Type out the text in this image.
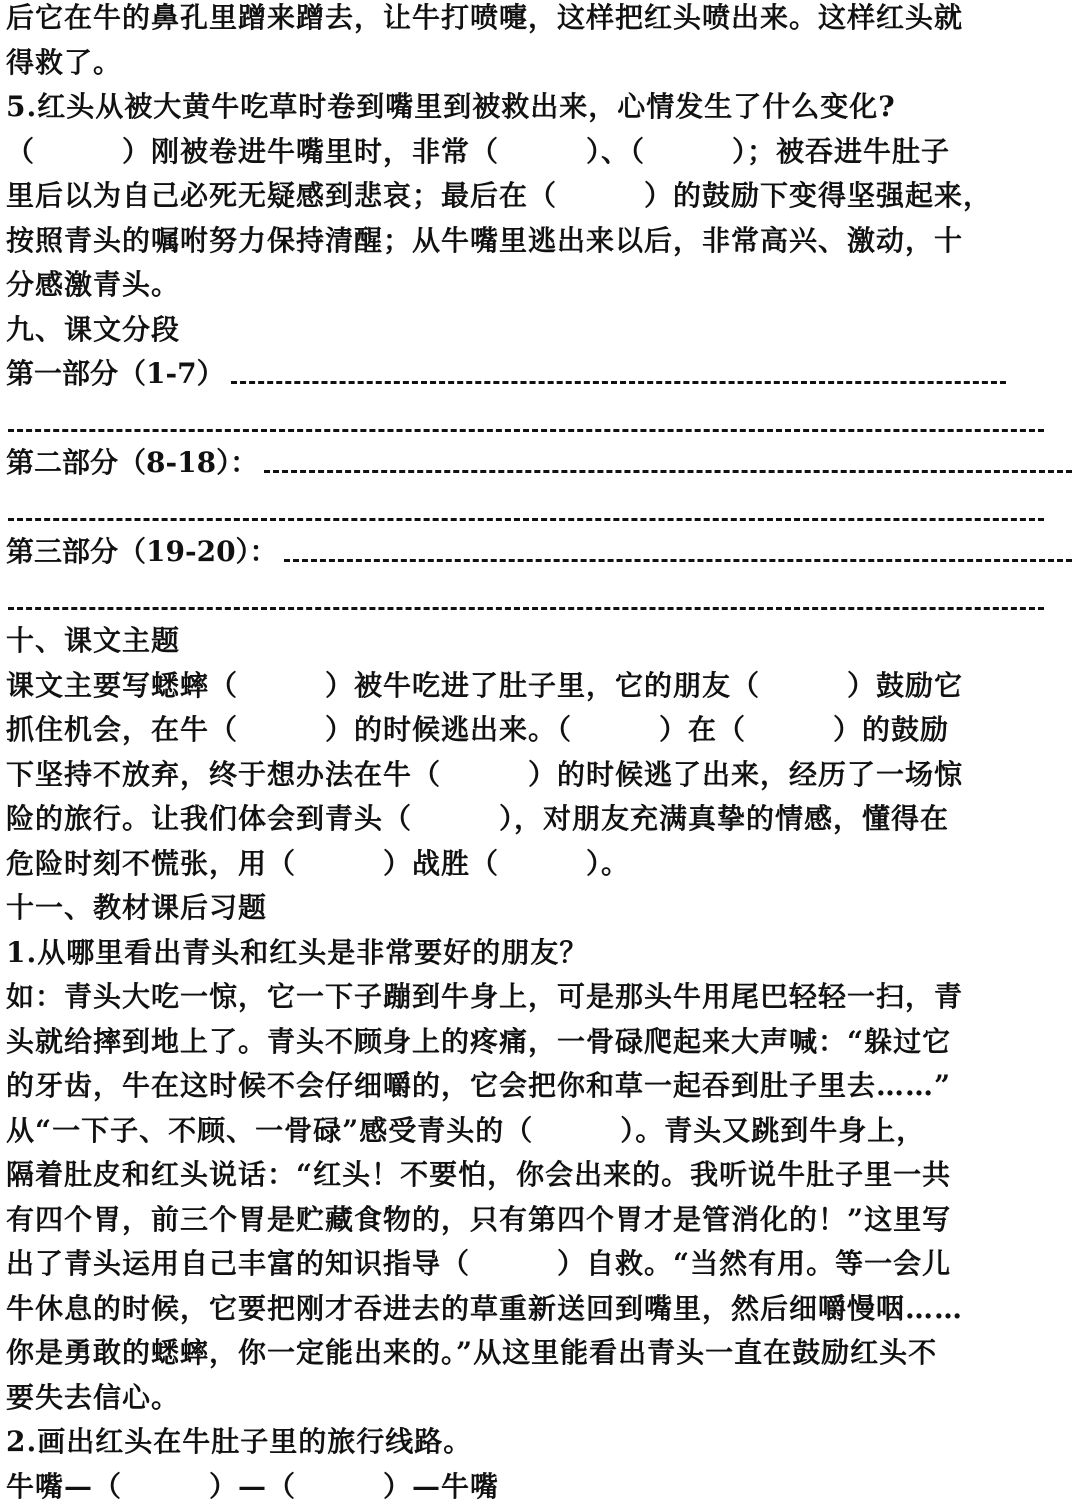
后它在牛的鼻孔里蹭来蹭去，让牛打喷嚏，这样把红头喷出来。这样红头就
得救了。
5.红头从被大黄牛吃草时卷到嘴里到被救出来，心情发生了什么变化?
（　　　）刚被卷进牛嘴里时，非常（　　　）、（　　　）；被吞进牛肚子
里后以为自己必死无疑感到悲哀；最后在（　　　）的鼓励下变得坚强起来，
按照青头的嘱咐努力保持清醒；从牛嘴里逃出来以后，非常高兴、激动，十
分感激青头。
九、课文分段
第一部分（1-7）
第二部分（8-18）：
第三部分（19-20）：
十、课文主题
课文主要写蟋蟀（　　　）被牛吃进了肚子里，它的朋友（　　　）鼓励它
抓住机会，在牛（　　　）的时候逃出来。（　　　）在（　　　）的鼓励
下坚持不放弃，终于想办法在牛（　　　）的时候逃了出来，经历了一场惊
险的旅行。让我们体会到青头（　　　），对朋友充满真挚的情感，懂得在
危险时刻不慌张，用（　　　）战胜（　　　）。
十一、教材课后习题
1.从哪里看出青头和红头是非常要好的朋友？
如：青头大吃一惊，它一下子蹦到牛身上，可是那头牛用尾巴轻轻一扫，青
头就给摔到地上了。青头不顾身上的疼痛，一骨碌爬起来大声喊：“躲过它
的牙齿，牛在这时候不会仔细嚼的，它会把你和草一起吞到肚子里去……”
从“一下子、不顾、一骨碌”感受青头的（　　　）。青头又跳到牛身上，
隔着肚皮和红头说话：“红头！不要怕，你会出来的。我听说牛肚子里一共
有四个胃，前三个胃是贮藏食物的，只有第四个胃才是管消化的！”这里写
出了青头运用自己丰富的知识指导（　　　）自救。“当然有用。等一会儿
牛休息的时候，它要把刚才吞进去的草重新送回到嘴里，然后细嚼慢咽……
你是勇敢的蟋蟀，你一定能出来的。”从这里能看出青头一直在鼓励红头不
要失去信心。
2.画出红头在牛肚子里的旅行线路。
牛嘴—（　　　）—（　　　）—牛嘴
